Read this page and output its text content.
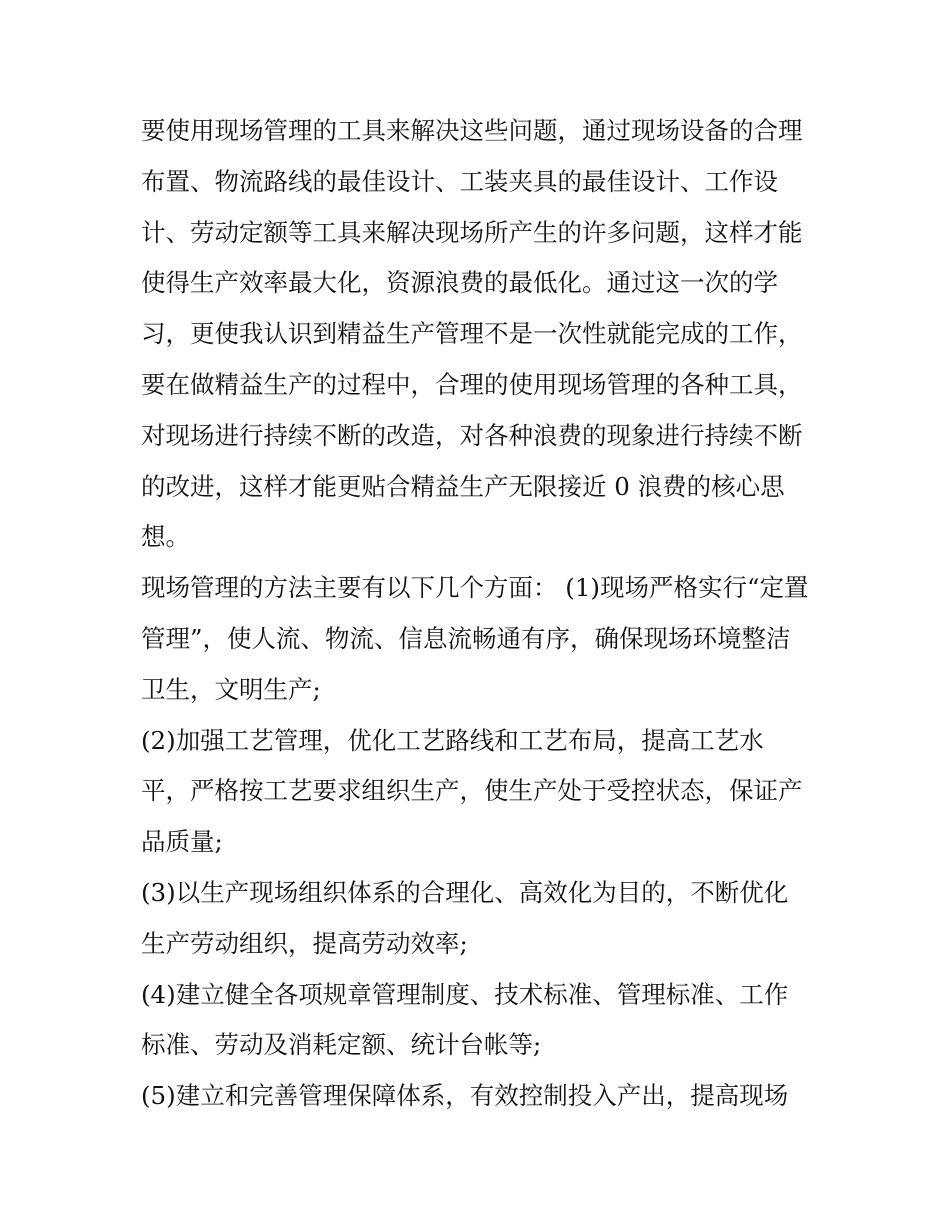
要使用现场管理的工具来解决这些问题，通过现场设备的合理
布置、物流路线的最佳设计、工装夹具的最佳设计、工作设
计、劳动定额等工具来解决现场所产生的许多问题，这样才能
使得生产效率最大化，资源浪费的最低化。通过这一次的学
习，更使我认识到精益生产管理不是一次性就能完成的工作，
要在做精益生产的过程中，合理的使用现场管理的各种工具，
对现场进行持续不断的改造，对各种浪费的现象进行持续不断
的改进，这样才能更贴合精益生产无限接近 0 浪费的核心思
想。
现场管理的方法主要有以下几个方面： (1)现场严格实行“定置
管理”，使人流、物流、信息流畅通有序，确保现场环境整洁
卫生，文明生产;
(2)加强工艺管理，优化工艺路线和工艺布局，提高工艺水
平，严格按工艺要求组织生产，使生产处于受控状态，保证产
品质量;
(3)以生产现场组织体系的合理化、高效化为目的，不断优化
生产劳动组织，提高劳动效率;
(4)建立健全各项规章管理制度、技术标准、管理标准、工作
标准、劳动及消耗定额、统计台帐等;
(5)建立和完善管理保障体系，有效控制投入产出，提高现场
